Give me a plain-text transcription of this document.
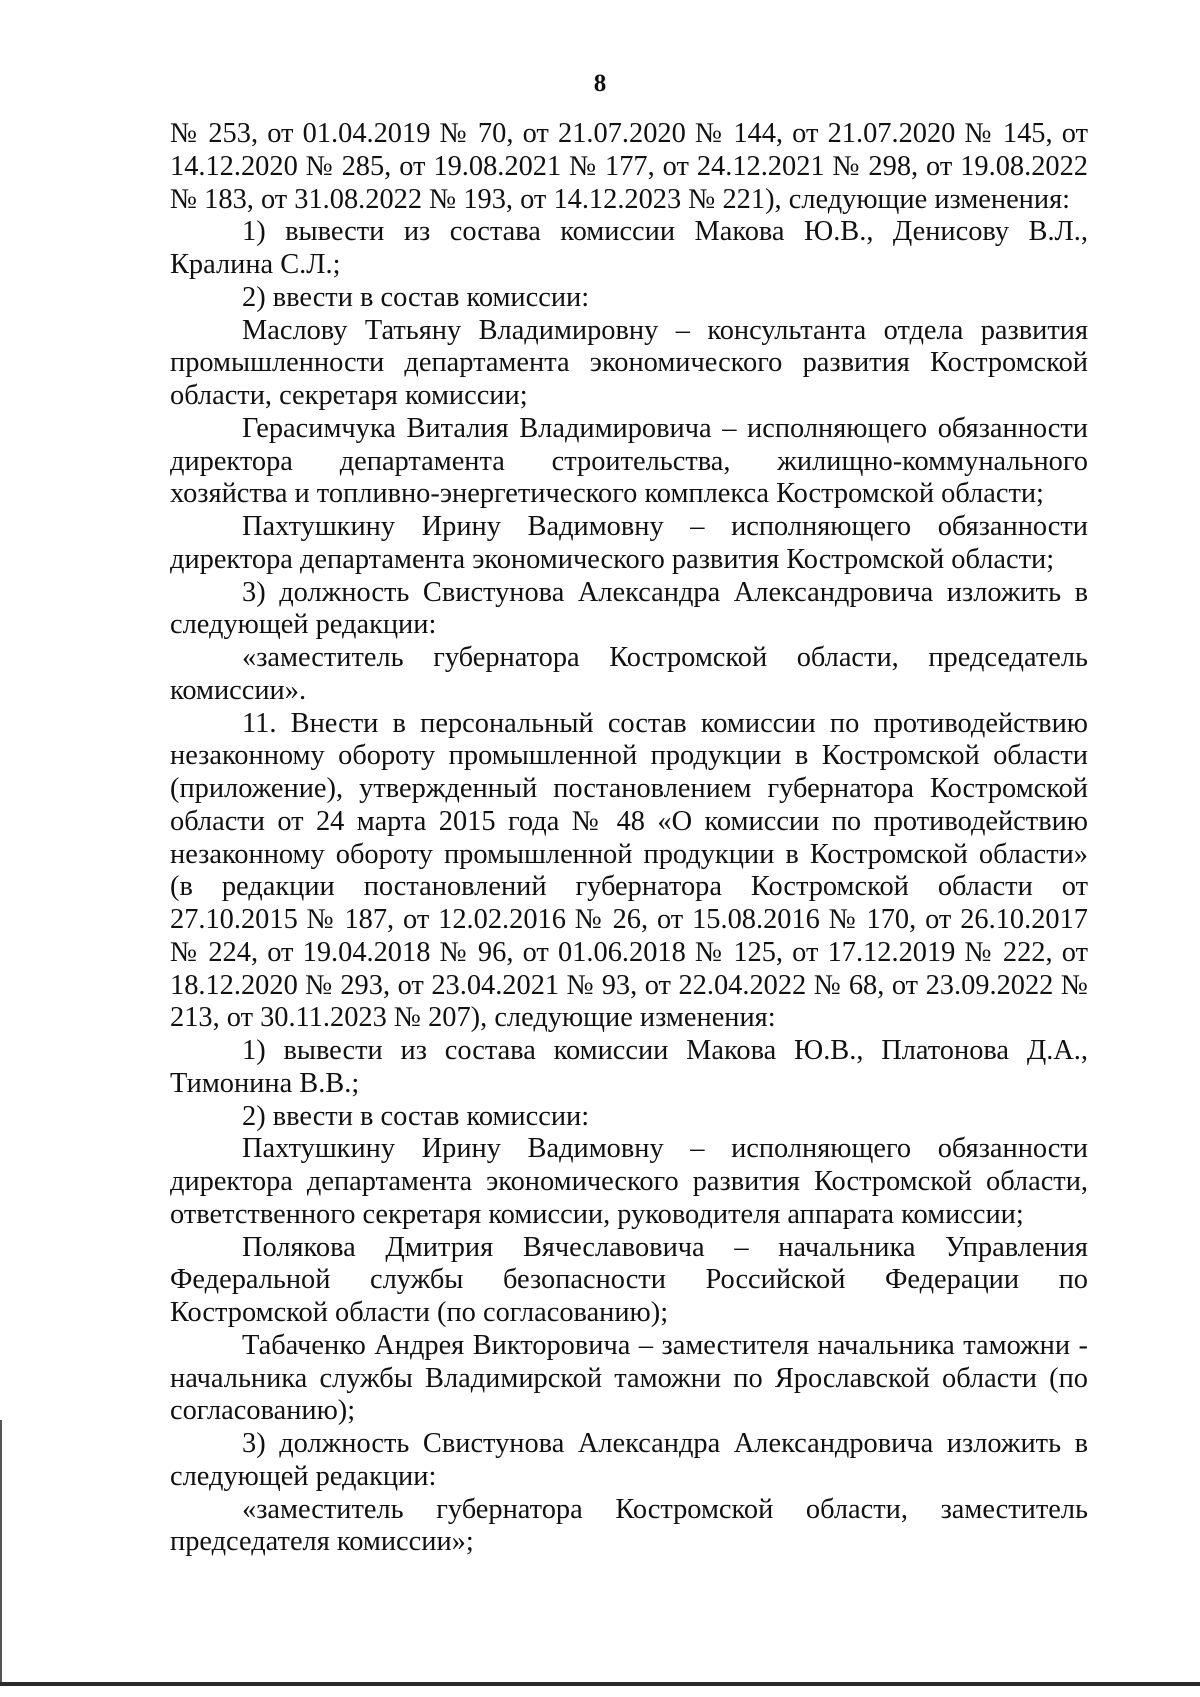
8

№ 253, от 01.04.2019 № 70, от 21.07.2020 № 144, от 21.07.2020 № 145, от 14.12.2020 № 285, от 19.08.2021 № 177, от 24.12.2021 № 298, от 19.08.2022 № 183, от 31.08.2022 № 193, от 14.12.2023 № 221), следующие изменения:

1) вывести из состава комиссии Макова Ю.В., Денисову В.Л., Кралина С.Л.;

2) ввести в состав комиссии:

Маслову Татьяну Владимировну – консультанта отдела развития промышленности департамента экономического развития Костромской области, секретаря комиссии;

Герасимчука Виталия Владимировича – исполняющего обязанности директора департамента строительства, жилищно-коммунального хозяйства и топливно-энергетического комплекса Костромской области;

Пахтушкину Ирину Вадимовну – исполняющего обязанности директора департамента экономического развития Костромской области;

3) должность Свистунова Александра Александровича изложить в следующей редакции:

«заместитель губернатора Костромской области, председатель комиссии».

11. Внести в персональный состав комиссии по противодействию незаконному обороту промышленной продукции в Костромской области (приложение), утвержденный постановлением губернатора Костромской области от 24 марта 2015 года № 48 «О комиссии по противодействию незаконному обороту промышленной продукции в Костромской области» (в редакции постановлений губернатора Костромской области от 27.10.2015 № 187, от 12.02.2016 № 26, от 15.08.2016 № 170, от 26.10.2017 № 224, от 19.04.2018 № 96, от 01.06.2018 № 125, от 17.12.2019 № 222, от 18.12.2020 № 293, от 23.04.2021 № 93, от 22.04.2022 № 68, от 23.09.2022 № 213, от 30.11.2023 № 207), следующие изменения:

1) вывести из состава комиссии Макова Ю.В., Платонова Д.А., Тимонина В.В.;

2) ввести в состав комиссии:

Пахтушкину Ирину Вадимовну – исполняющего обязанности директора департамента экономического развития Костромской области, ответственного секретаря комиссии, руководителя аппарата комиссии;

Полякова Дмитрия Вячеславовича – начальника Управления Федеральной службы безопасности Российской Федерации по Костромской области (по согласованию);

Табаченко Андрея Викторовича – заместителя начальника таможни - начальника службы Владимирской таможни по Ярославской области (по согласованию);

3) должность Свистунова Александра Александровича изложить в следующей редакции:

«заместитель губернатора Костромской области, заместитель председателя комиссии»;
